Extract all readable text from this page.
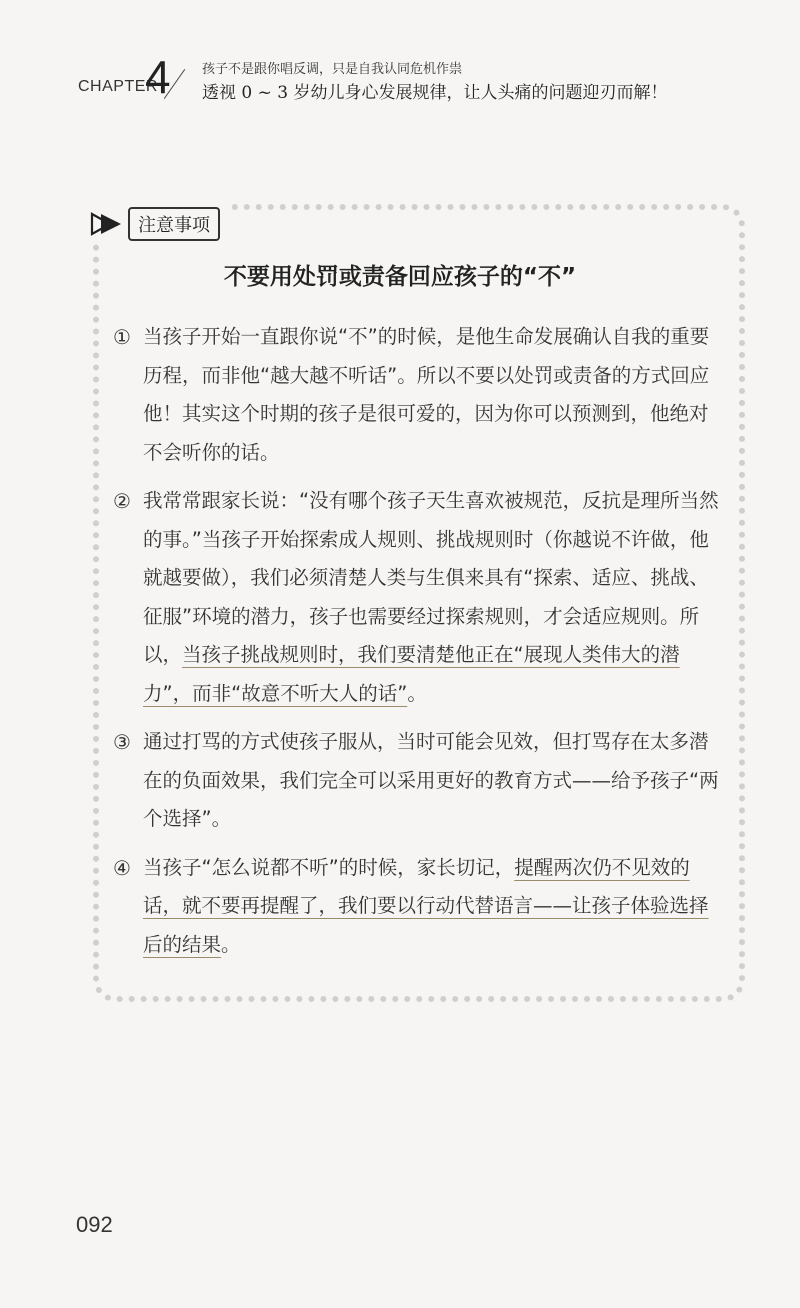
CHAPTER
4 孩子不是跟你唱反调，只是自我认同危机作祟
透视 0 ~ 3 岁幼儿身心发展规律，让人头痛的问题迎刃而解！
注意事项
不要用处罚或责备回应孩子的“不”
① 当孩子开始一直跟你说“不”的时候，是他生命发展确认自我的重要历程，而非他“越大越不听话”。所以不要以处罚或责备的方式回应他！其实这个时期的孩子是很可爱的，因为你可以预测到，他绝对不会听你的话。
② 我常常跟家长说：“没有哪个孩子天生喜欢被规范，反抗是理所当然的事。”当孩子开始探索成人规则、挑战规则时（你越说不许做，他就越要做），我们必须清楚人类与生俱来具有“探索、适应、挑战、征服”环境的潜力，孩子也需要经过探索规则，才会适应规则。所以，当孩子挑战规则时，我们要清楚他正在“展现人类伟大的潜力”，而非“故意不听大人的话”。
③ 通过打骂的方式使孩子服从，当时可能会见效，但打骂存在太多潜在的负面效果，我们完全可以采用更好的教育方式——给予孩子“两个选择”。
④ 当孩子“怎么说都不听”的时候，家长切记，提醒两次仍不见效的话，就不要再提醒了，我们要以行动代替语言——让孩子体验选择后的结果。
092
